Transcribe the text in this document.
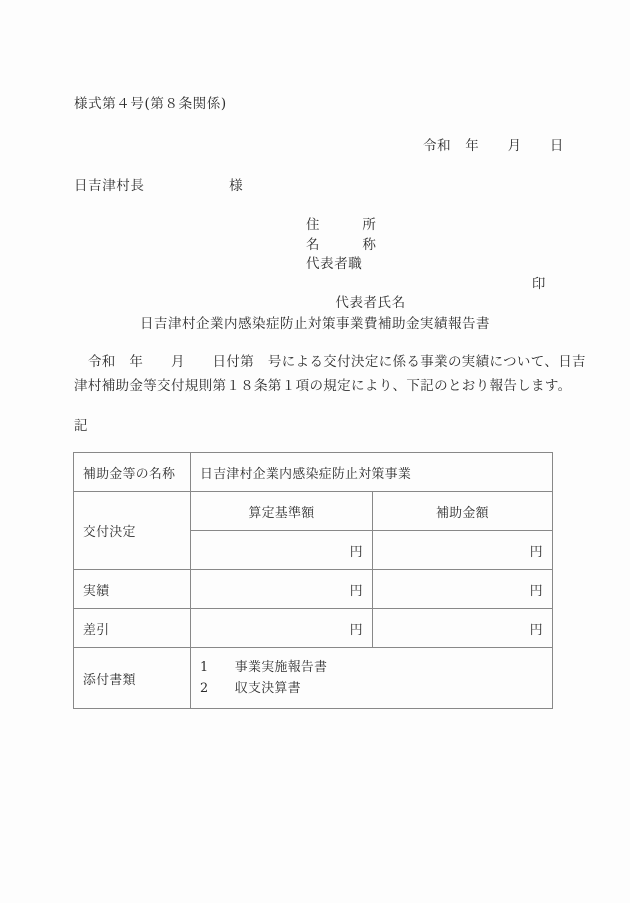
様式第４号(第８条関係)
令和　年　　月　　日
日吉津村長　　　　　　様
住　　　所
名　　　称
代表者職

代表者氏名

印

日吉津村企業内感染症防止対策事業費補助金実績報告書
　令和　年　　月　　日付第　号による交付決定に係る事業の実績について、日吉
津村補助金等交付規則第１８条第１項の規定により、下記のとおり報告します。
記
補助金等の名称	日吉津村企業内感染症防止対策事業	
交付決定	算定基準額	補助金額
	円	円
実績	円	円
差引	円	円
添付書類	1　　事業実施報告書
2　　収支決算書	
